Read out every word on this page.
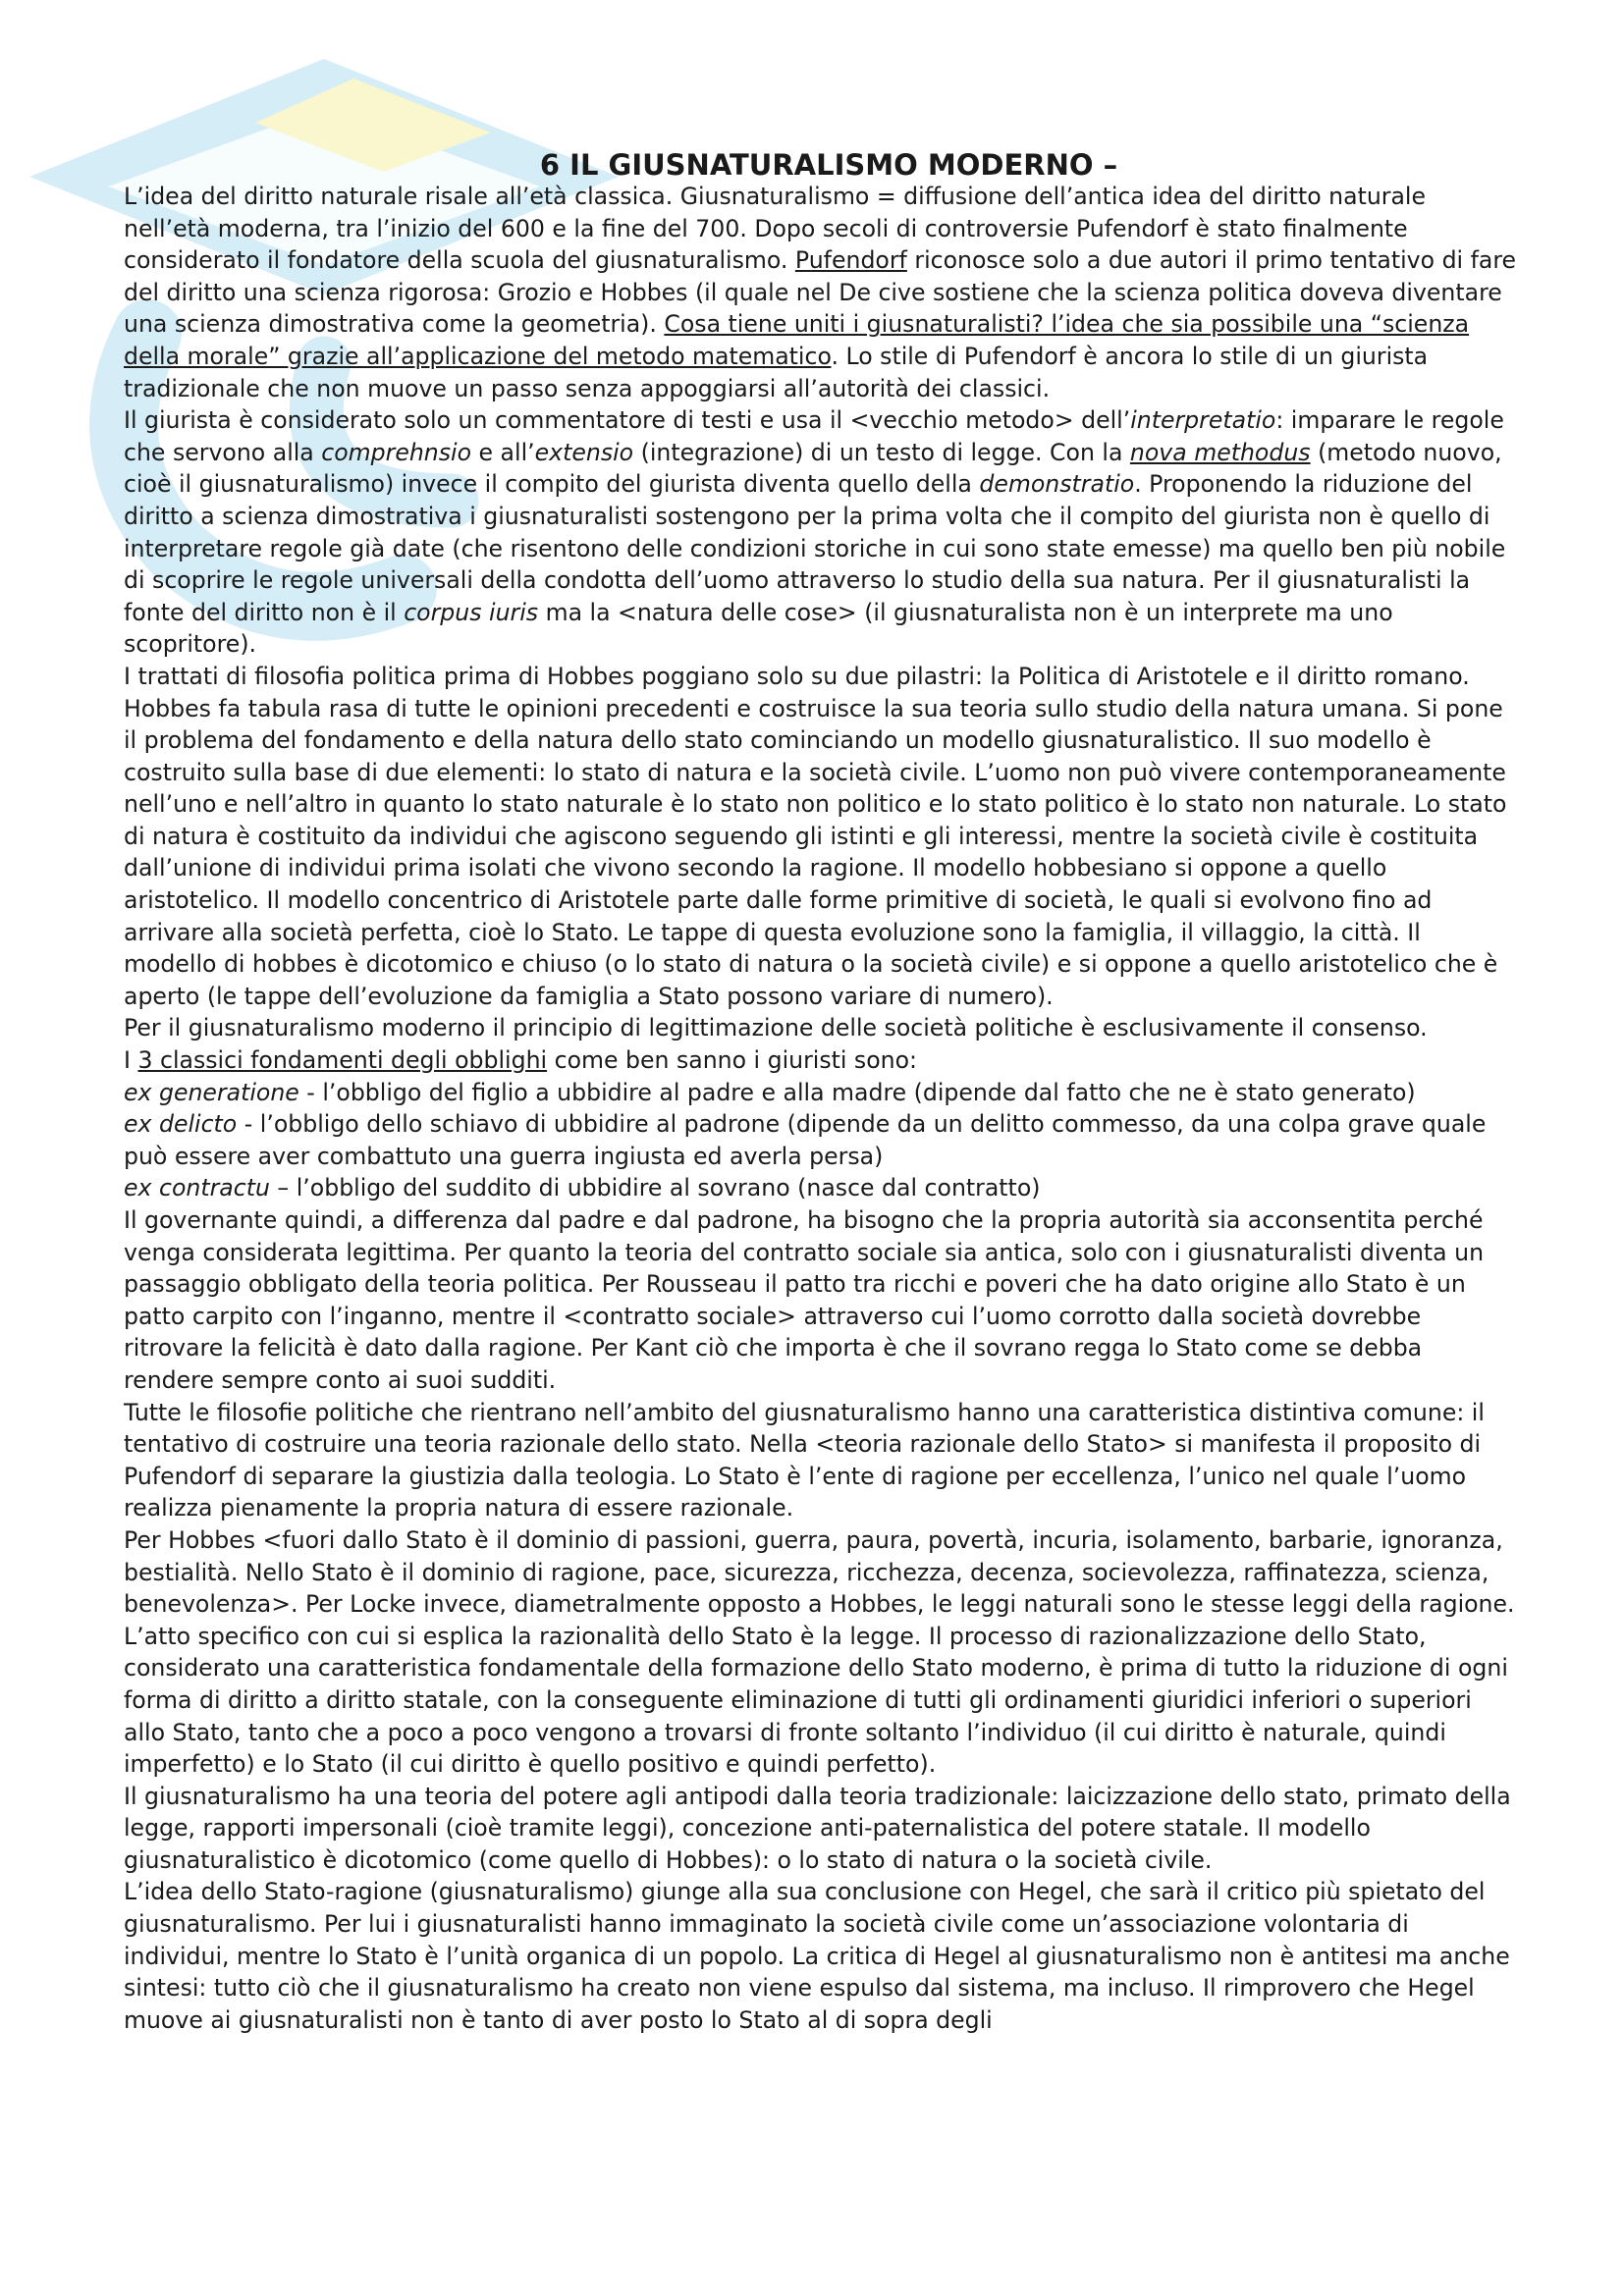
6 IL GIUSNATURALISMO MODERNO –

L’idea del diritto naturale risale all’età classica. Giusnaturalismo = diffusione dell’antica idea del diritto naturale nell’età moderna, tra l’inizio del 600 e la fine del 700. Dopo secoli di controversie Pufendorf è stato finalmente considerato il fondatore della scuola del giusnaturalismo. Pufendorf riconosce solo a due autori il primo tentativo di fare del diritto una scienza rigorosa: Grozio e Hobbes (il quale nel De cive sostiene che la scienza politica doveva diventare una scienza dimostrativa come la geometria). Cosa tiene uniti i giusnaturalisti? l’idea che sia possibile una “scienza della morale” grazie all’applicazione del metodo matematico. Lo stile di Pufendorf è ancora lo stile di un giurista tradizionale che non muove un passo senza appoggiarsi all’autorità dei classici.

Il giurista è considerato solo un commentatore di testi e usa il <vecchio metodo> dell’interpretatio: imparare le regole che servono alla comprehnsio e all’extensio (integrazione) di un testo di legge. Con la nova methodus (metodo nuovo, cioè il giusnaturalismo) invece il compito del giurista diventa quello della demonstratio. Proponendo la riduzione del diritto a scienza dimostrativa i giusnaturalisti sostengono per la prima volta che il compito del giurista non è quello di interpretare regole già date (che risentono delle condizioni storiche in cui sono state emesse) ma quello ben più nobile di scoprire le regole universali della condotta dell’uomo attraverso lo studio della sua natura. Per il giusnaturalisti la fonte del diritto non è il corpus iuris ma la <natura delle cose> (il giusnaturalista non è un interprete ma uno scopritore).

I trattati di filosofia politica prima di Hobbes poggiano solo su due pilastri: la Politica di Aristotele e il diritto romano. Hobbes fa tabula rasa di tutte le opinioni precedenti e costruisce la sua teoria sullo studio della natura umana. Si pone il problema del fondamento e della natura dello stato cominciando un modello giusnaturalistico. Il suo modello è costruito sulla base di due elementi: lo stato di natura e la società civile. L’uomo non può vivere contemporaneamente nell’uno e nell’altro in quanto lo stato naturale è lo stato non politico e lo stato politico è lo stato non naturale. Lo stato di natura è costituito da individui che agiscono seguendo gli istinti e gli interessi, mentre la società civile è costituita dall’unione di individui prima isolati che vivono secondo la ragione. Il modello hobbesiano si oppone a quello aristotelico. Il modello concentrico di Aristotele parte dalle forme primitive di società, le quali si evolvono fino ad arrivare alla società perfetta, cioè lo Stato. Le tappe di questa evoluzione sono la famiglia, il villaggio, la città. Il modello di hobbes è dicotomico e chiuso (o lo stato di natura o la società civile) e si oppone a quello aristotelico che è aperto (le tappe dell’evoluzione da famiglia a Stato possono variare di numero).

Per il giusnaturalismo moderno il principio di legittimazione delle società politiche è esclusivamente il consenso.

I 3 classici fondamenti degli obblighi come ben sanno i giuristi sono:

ex generatione - l’obbligo del figlio a ubbidire al padre e alla madre (dipende dal fatto che ne è stato generato)

ex delicto - l’obbligo dello schiavo di ubbidire al padrone (dipende da un delitto commesso, da una colpa grave quale può essere aver combattuto una guerra ingiusta ed averla persa)

ex contractu – l’obbligo del suddito di ubbidire al sovrano (nasce dal contratto)

Il governante quindi, a differenza dal padre e dal padrone, ha bisogno che la propria autorità sia acconsentita perché venga considerata legittima. Per quanto la teoria del contratto sociale sia antica, solo con i giusnaturalisti diventa un passaggio obbligato della teoria politica. Per Rousseau il patto tra ricchi e poveri che ha dato origine allo Stato è un patto carpito con l’inganno, mentre il <contratto sociale> attraverso cui l’uomo corrotto dalla società dovrebbe ritrovare la felicità è dato dalla ragione. Per Kant ciò che importa è che il sovrano regga lo Stato come se debba rendere sempre conto ai suoi sudditi.

Tutte le filosofie politiche che rientrano nell’ambito del giusnaturalismo hanno una caratteristica distintiva comune: il tentativo di costruire una teoria razionale dello stato. Nella <teoria razionale dello Stato> si manifesta il proposito di Pufendorf di separare la giustizia dalla teologia. Lo Stato è l’ente di ragione per eccellenza, l’unico nel quale l’uomo realizza pienamente la propria natura di essere razionale.

Per Hobbes <fuori dallo Stato è il dominio di passioni, guerra, paura, povertà, incuria, isolamento, barbarie, ignoranza, bestialità. Nello Stato è il dominio di ragione, pace, sicurezza, ricchezza, decenza, socievolezza, raffinatezza, scienza, benevolenza>. Per Locke invece, diametralmente opposto a Hobbes, le leggi naturali sono le stesse leggi della ragione.

L’atto specifico con cui si esplica la razionalità dello Stato è la legge. Il processo di razionalizzazione dello Stato, considerato una caratteristica fondamentale della formazione dello Stato moderno, è prima di tutto la riduzione di ogni forma di diritto a diritto statale, con la conseguente eliminazione di tutti gli ordinamenti giuridici inferiori o superiori allo Stato, tanto che a poco a poco vengono a trovarsi di fronte soltanto l’individuo (il cui diritto è naturale, quindi imperfetto) e lo Stato (il cui diritto è quello positivo e quindi perfetto).

Il giusnaturalismo ha una teoria del potere agli antipodi dalla teoria tradizionale: laicizzazione dello stato, primato della legge, rapporti impersonali (cioè tramite leggi), concezione anti-paternalistica del potere statale. Il modello giusnaturalistico è dicotomico (come quello di Hobbes): o lo stato di natura o la società civile.

L’idea dello Stato-ragione (giusnaturalismo) giunge alla sua conclusione con Hegel, che sarà il critico più spietato del giusnaturalismo. Per lui i giusnaturalisti hanno immaginato la società civile come un’associazione volontaria di individui, mentre lo Stato è l’unità organica di un popolo. La critica di Hegel al giusnaturalismo non è antitesi ma anche sintesi: tutto ciò che il giusnaturalismo ha creato non viene espulso dal sistema, ma incluso. Il rimprovero che Hegel muove ai giusnaturalisti non è tanto di aver posto lo Stato al di sopra degli
